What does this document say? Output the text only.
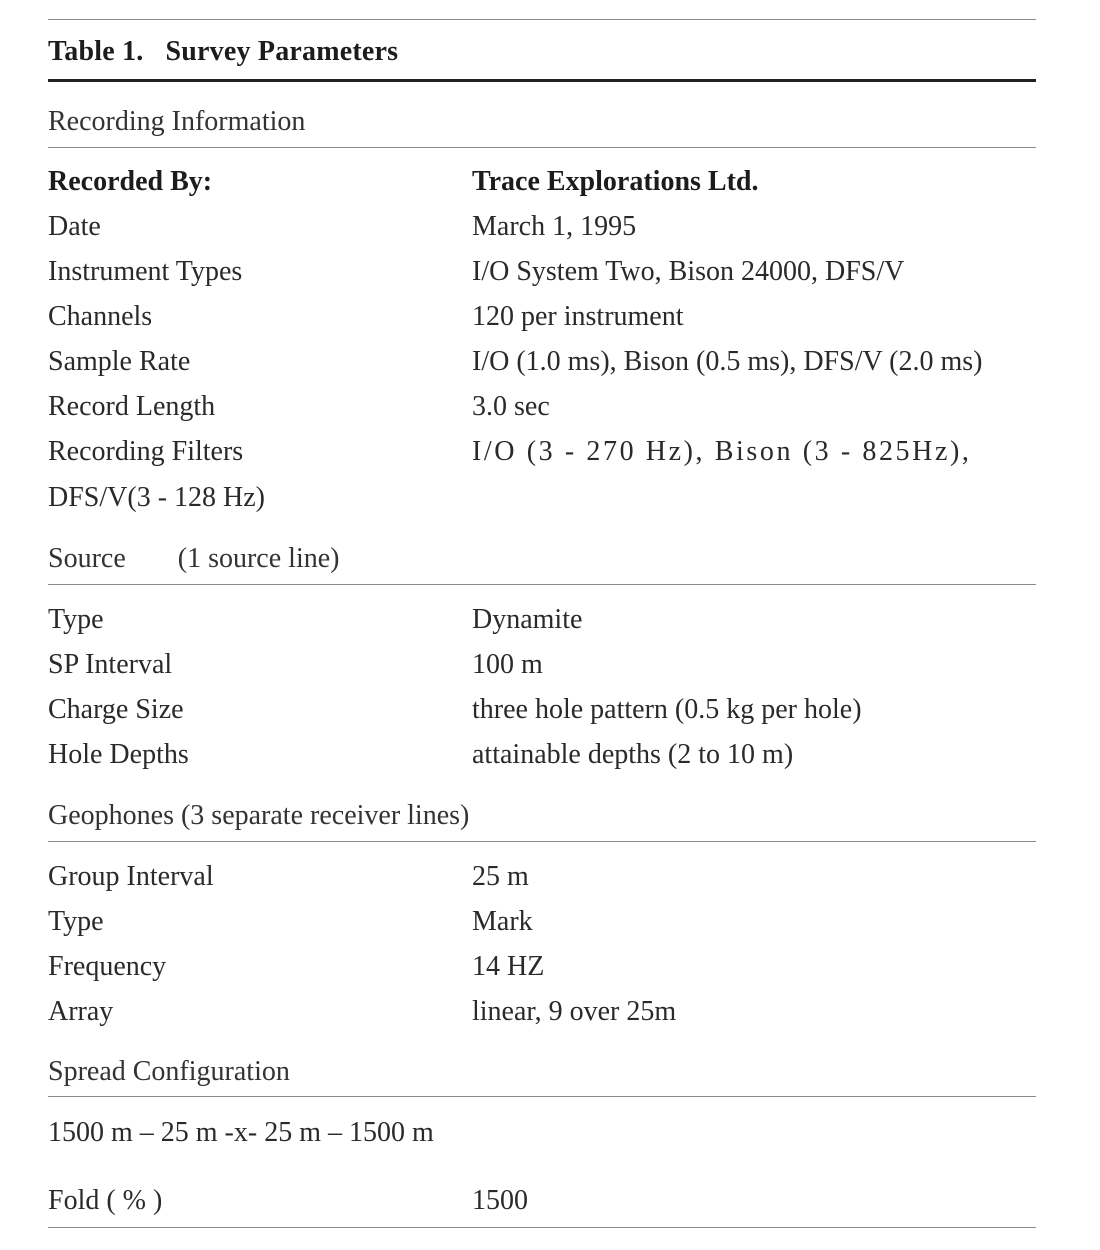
Table 1. Survey Parameters
Recording Information
Recorded By:	Trace Explorations Ltd.
Date	March 1, 1995
Instrument Types	I/O System Two, Bison 24000, DFS/V
Channels	120 per instrument
Sample Rate	I/O (1.0 ms), Bison (0.5 ms), DFS/V (2.0 ms)
Record Length	3.0 sec
Recording Filters	I/O (3 - 270 Hz), Bison (3 - 825Hz),
DFS/V(3 - 128 Hz)
Source (1 source line)
Type	Dynamite
SP Interval	100 m
Charge Size	three hole pattern (0.5 kg per hole)
Hole Depths	attainable depths (2 to 10 m)
Geophones (3 separate receiver lines)
Group Interval	25 m
Type	Mark
Frequency	14 HZ
Array	linear, 9 over 25m
Spread Configuration
1500 m – 25 m -x- 25 m – 1500 m
Fold ( % )	1500
